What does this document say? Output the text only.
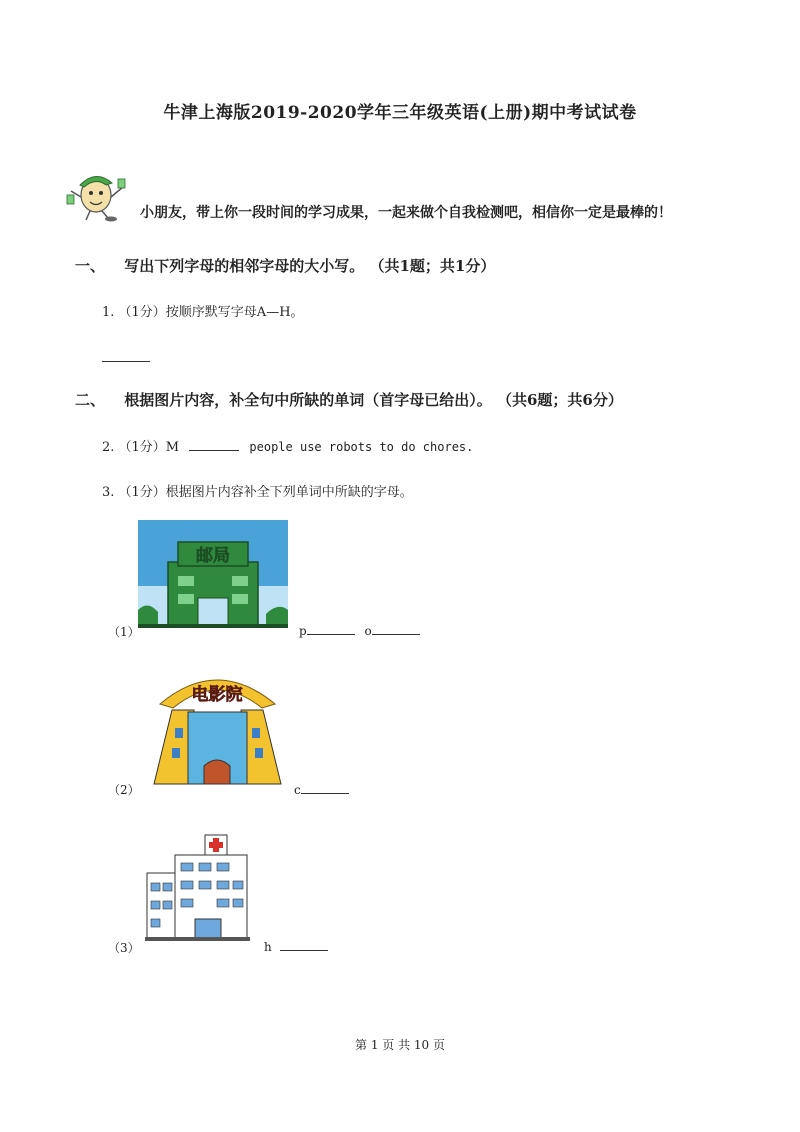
牛津上海版2019-2020学年三年级英语(上册)期中考试试卷
小朋友，带上你一段时间的学习成果，一起来做个自我检测吧，相信你一定是最棒的！
一、 写出下列字母的相邻字母的大小写。 （共1题；共1分）
1. （1分）按顺序默写字母A—H。
二、 根据图片内容，补全句中所缺的单词（首字母已给出）。 （共6题；共6分）
2. （1分）M	people use robots to do chores.
3. （1分）根据图片内容补全下列单词中所缺的字母。
邮局
（1）	p	o
电影院
（2）	c
（3）	h
第 1 页 共 10 页
